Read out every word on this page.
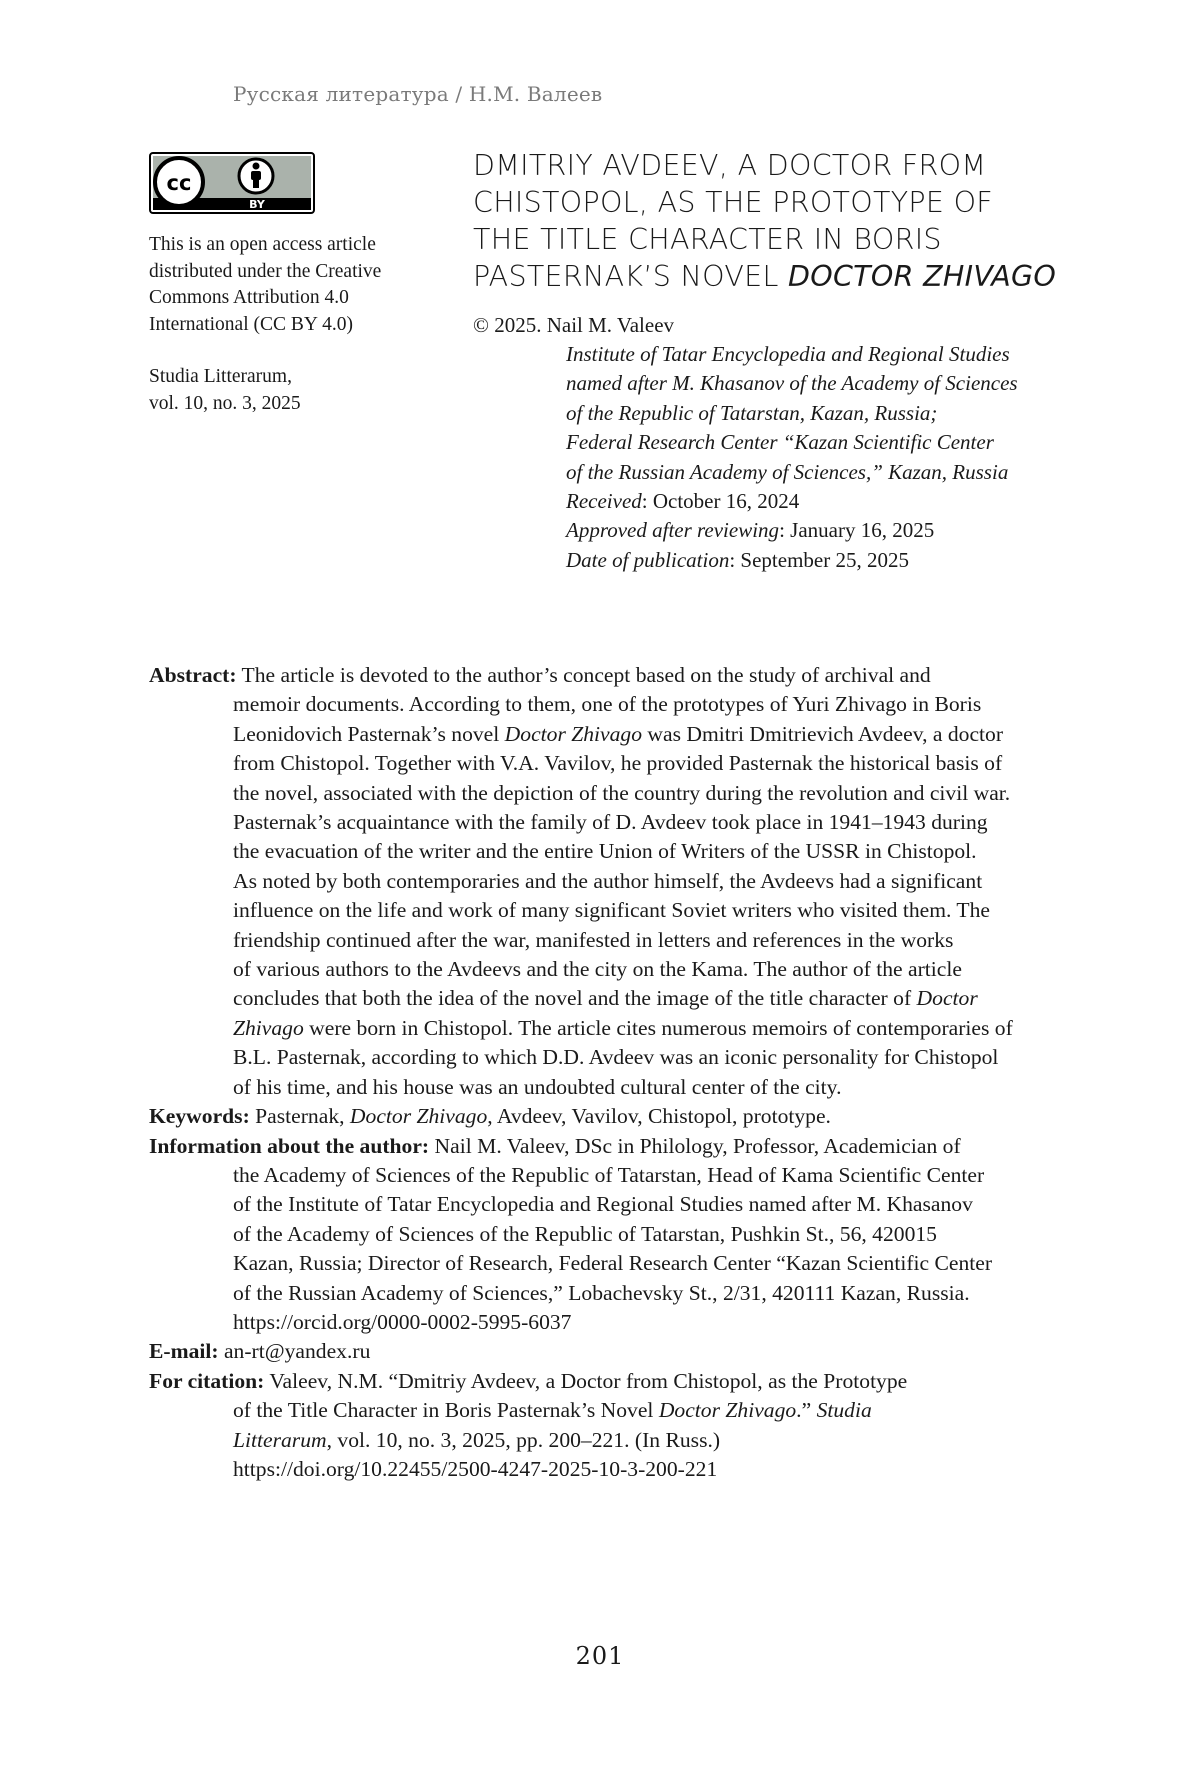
Русская литература / Н.М. Валеев
cc
BY
This is an open access article
distributed under the Creative
Commons Attribution 4.0
International (CC BY 4.0)
Studia Litterarum,
vol. 10, no. 3, 2025
DMITRIY AVDEEV, A DOCTOR FROM
CHISTOPOL, AS THE PROTOTYPE OF
THE TITLE CHARACTER IN BORIS
PASTERNAK’S NOVEL DOCTOR ZHIVAGO
© 2025. Nail M. Valeev
Institute of Tatar Encyclopedia and Regional Studies
named after M. Khasanov of the Academy of Sciences
of the Republic of Tatarstan, Kazan, Russia;
Federal Research Center “Kazan Scientific Center
of the Russian Academy of Sciences,” Kazan, Russia
Received: October 16, 2024
Approved after reviewing: January 16, 2025
Date of publication: September 25, 2025
Abstract: The article is devoted to the author’s concept based on the study of archival and
memoir documents. According to them, one of the prototypes of Yuri Zhivago in Boris
Leonidovich Pasternak’s novel Doctor Zhivago was Dmitri Dmitrievich Avdeev, a doctor
from Chistopol. Together with V.A. Vavilov, he provided Pasternak the historical basis of
the novel, associated with the depiction of the country during the revolution and civil war.
Pasternak’s acquaintance with the family of D. Avdeev took place in 1941–1943 during
the evacuation of the writer and the entire Union of Writers of the USSR in Chistopol.
As noted by both contemporaries and the author himself, the Avdeevs had a significant
influence on the life and work of many significant Soviet writers who visited them. The
friendship continued after the war, manifested in letters and references in the works
of various authors to the Avdeevs and the city on the Kama. The author of the article
concludes that both the idea of the novel and the image of the title character of Doctor
Zhivago were born in Chistopol. The article cites numerous memoirs of contemporaries of
B.L. Pasternak, according to which D.D. Avdeev was an iconic personality for Chistopol
of his time, and his house was an undoubted cultural center of the city.
Keywords: Pasternak, Doctor Zhivago, Avdeev, Vavilov, Chistopol, prototype.
Information about the author: Nail M. Valeev, DSc in Philology, Professor, Academician of
the Academy of Sciences of the Republic of Tatarstan, Head of Kama Scientific Center
of the Institute of Tatar Encyclopedia and Regional Studies named after M. Khasanov
of the Academy of Sciences of the Republic of Tatarstan, Pushkin St., 56, 420015
Kazan, Russia; Director of Research, Federal Research Center “Kazan Scientific Center
of the Russian Academy of Sciences,” Lobachevsky St., 2/31, 420111 Kazan, Russia.
https://orcid.org/0000-0002-5995-6037
E-mail: an-rt@yandex.ru
For citation: Valeev, N.M. “Dmitriy Avdeev, a Doctor from Chistopol, as the Prototype
of the Title Character in Boris Pasternak’s Novel Doctor Zhivago.” Studia
Litterarum, vol. 10, no. 3, 2025, pp. 200–221. (In Russ.)
https://doi.org/10.22455/2500-4247-2025-10-3-200-221
201
